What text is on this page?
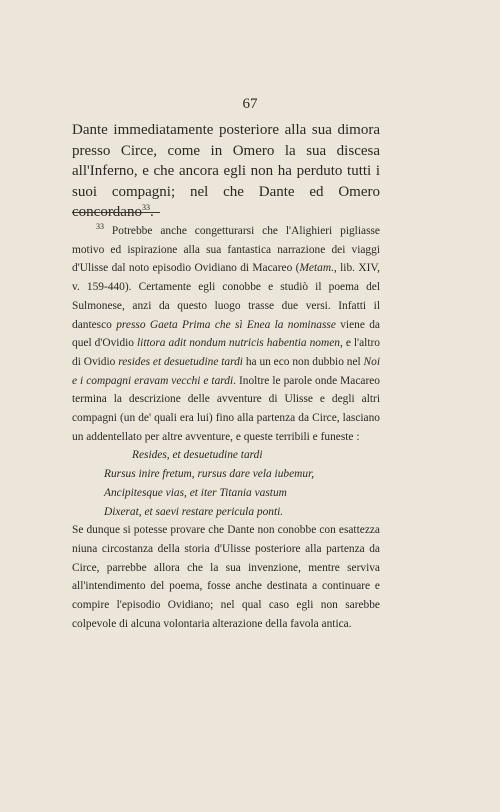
67

Dante immediatamente posteriore alla sua dimora presso Circe, come in Omero la sua discesa all'Inferno, e che ancora egli non ha perduto tutti i suoi compagni; nel che Dante ed Omero concordano$^{33}$.

$^{33}$ Potrebbe anche congetturarsi che l'Alighieri pigliasse motivo ed ispirazione alla sua fantastica narrazione dei viaggi d'Ulisse dal noto episodio Ovidiano di Macareo (Metam., lib. XIV, v. 159-440). Certamente egli conobbe e studiò il poema del Sulmonese, anzi da questo luogo trasse due versi. Infatti il dantesco presso Gaeta Prima che sì Enea la nominasse viene da quel d'Ovidio littora adit nondum nutricis habentia nomen, e l'altro di Ovidio resides et desuetudine tardi ha un eco non dubbio nel Noi e i compagni eravam vecchi e tardi. Inoltre le parole onde Macareo termina la descrizione delle avventure di Ulisse e degli altri compagni (un de' quali era lui) fino alla partenza da Circe, lasciano un addentellato per altre avventure, e queste terribili e funeste :

Resides, et desuetudine tardi
Rursus inire fretum, rursus dare vela iubemur,
Ancipitesque vias, et iter Titania vastum
Dixerat, et saevi restare pericula ponti.

Se dunque si potesse provare che Dante non conobbe con esattezza niuna circostanza della storia d'Ulisse posteriore alla partenza da Circe, parrebbe allora che la sua invenzione, mentre serviva all'intendimento del poema, fosse anche destinata a continuare e compire l'episodio Ovidiano; nel qual caso egli non sarebbe colpevole di alcuna volontaria alterazione della favola antica.
